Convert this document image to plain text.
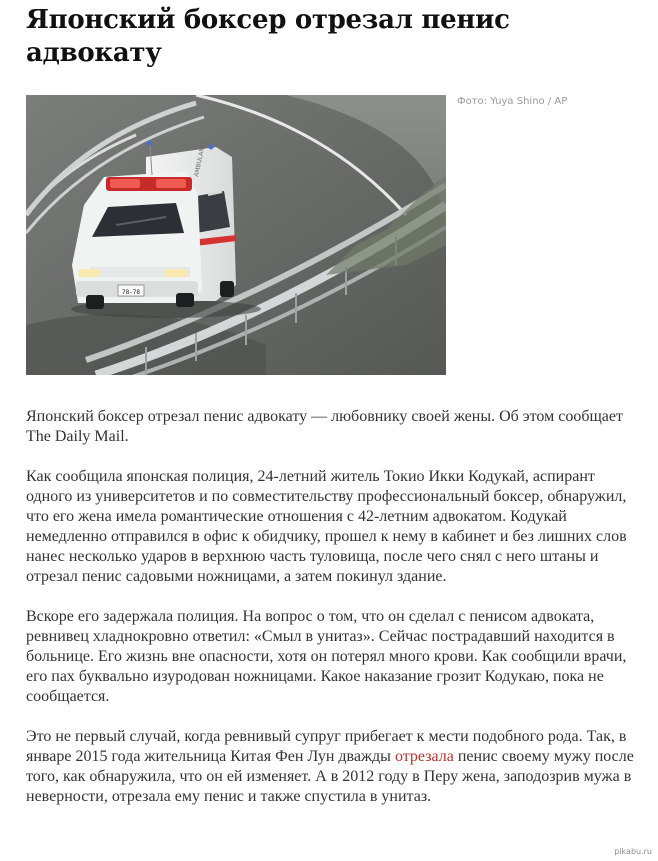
Японский боксер отрезал пенис адвокату
78-78
AMBULANCE
Фото: Yuya Shino / AP

Японский боксер отрезал пенис адвокату — любовнику своей жены. Об этом сообщает The Daily Mail.

Как сообщила японская полиция, 24-летний житель Токио Икки Кодукай, аспирант одного из университетов и по совместительству профессиональный боксер, обнаружил, что его жена имела романтические отношения с 42-летним адвокатом. Кодукай немедленно отправился в офис к обидчику, прошел к нему в кабинет и без лишних слов нанес несколько ударов в верхнюю часть туловища, после чего снял с него штаны и отрезал пенис садовыми ножницами, а затем покинул здание.

Вскоре его задержала полиция. На вопрос о том, что он сделал с пенисом адвоката, ревнивец хладнокровно ответил: «Смыл в унитаз». Сейчас пострадавший находится в больнице. Его жизнь вне опасности, хотя он потерял много крови. Как сообщили врачи, его пах буквально изуродован ножницами. Какое наказание грозит Кодукаю, пока не сообщается.

Это не первый случай, когда ревнивый супруг прибегает к мести подобного рода. Так, в январе 2015 года жительница Китая Фен Лун дважды отрезала пенис своему мужу после того, как обнаружила, что он ей изменяет. А в 2012 году в Перу жена, заподозрив мужа в неверности, отрезала ему пенис и также спустила в унитаз.

pikabu.ru
